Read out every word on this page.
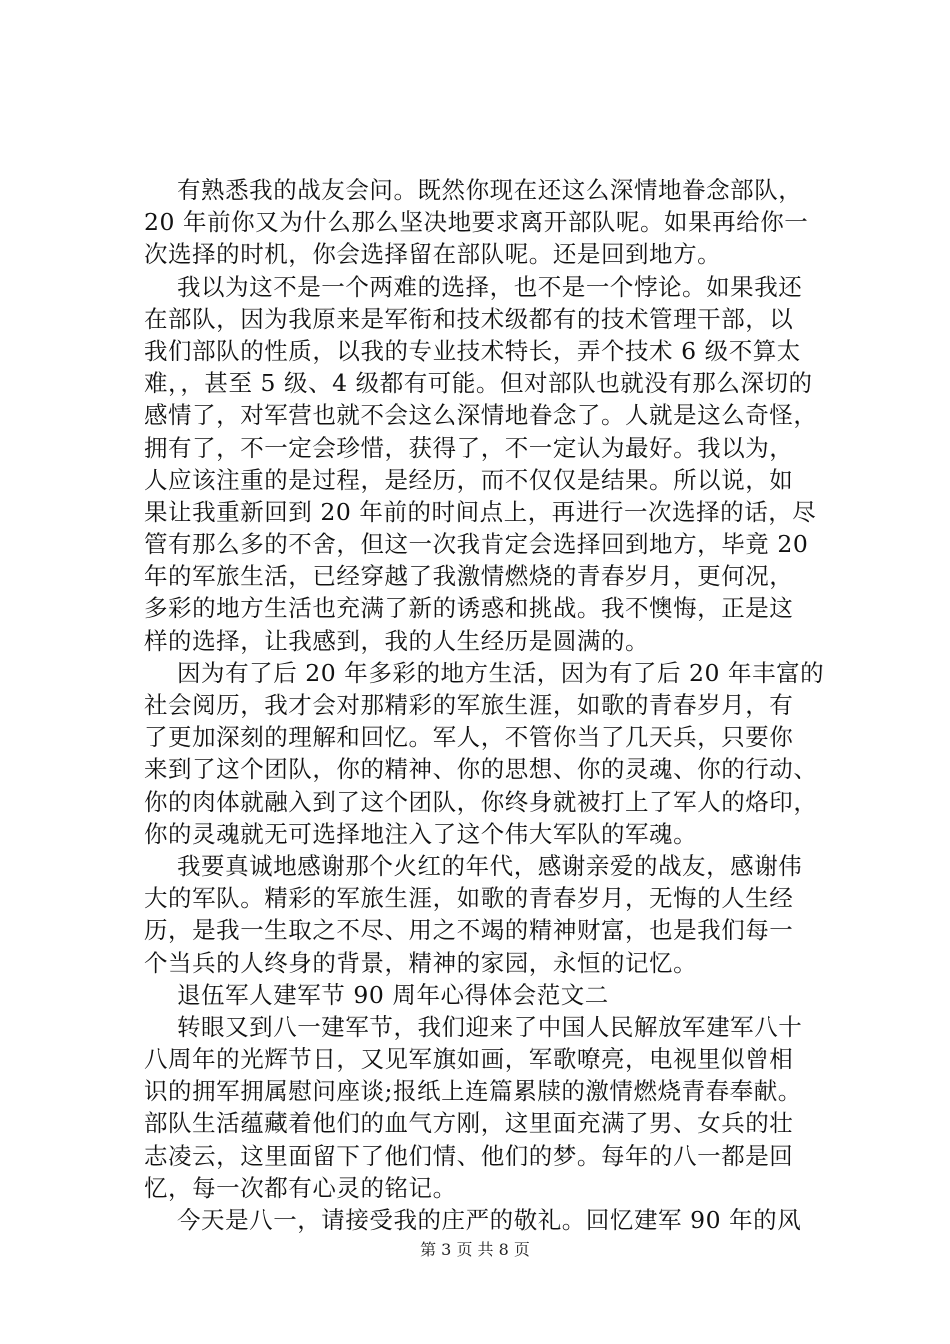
有熟悉我的战友会问。既然你现在还这么深情地眷念部队，
20 年前你又为什么那么坚决地要求离开部队呢。如果再给你一
次选择的时机，你会选择留在部队呢。还是回到地方。
我以为这不是一个两难的选择，也不是一个悖论。如果我还
在部队，因为我原来是军衔和技术级都有的技术管理干部，以
我们部队的性质，以我的专业技术特长，弄个技术 6 级不算太
难，，甚至 5 级、4 级都有可能。但对部队也就没有那么深切的
感情了，对军营也就不会这么深情地眷念了。人就是这么奇怪，
拥有了，不一定会珍惜，获得了，不一定认为最好。我以为，
人应该注重的是过程，是经历，而不仅仅是结果。所以说，如
果让我重新回到 20 年前的时间点上，再进行一次选择的话，尽
管有那么多的不舍，但这一次我肯定会选择回到地方，毕竟 20
年的军旅生活，已经穿越了我激情燃烧的青春岁月，更何况，
多彩的地方生活也充满了新的诱惑和挑战。我不懊悔，正是这
样的选择，让我感到，我的人生经历是圆满的。
因为有了后 20 年多彩的地方生活，因为有了后 20 年丰富的
社会阅历，我才会对那精彩的军旅生涯，如歌的青春岁月，有
了更加深刻的理解和回忆。军人，不管你当了几天兵，只要你
来到了这个团队，你的精神、你的思想、你的灵魂、你的行动、
你的肉体就融入到了这个团队，你终身就被打上了军人的烙印，
你的灵魂就无可选择地注入了这个伟大军队的军魂。
我要真诚地感谢那个火红的年代，感谢亲爱的战友，感谢伟
大的军队。精彩的军旅生涯，如歌的青春岁月，无悔的人生经
历，是我一生取之不尽、用之不竭的精神财富，也是我们每一
个当兵的人终身的背景，精神的家园，永恒的记忆。
退伍军人建军节 90 周年心得体会范文二
转眼又到八一建军节，我们迎来了中国人民解放军建军八十
八周年的光辉节日，又见军旗如画，军歌嘹亮，电视里似曾相
识的拥军拥属慰问座谈;报纸上连篇累牍的激情燃烧青春奉献。
部队生活蕴藏着他们的血气方刚，这里面充满了男、女兵的壮
志凌云，这里面留下了他们情、他们的梦。每年的八一都是回
忆，每一次都有心灵的铭记。
今天是八一，请接受我的庄严的敬礼。回忆建军 90 年的风
第 3 页 共 8 页
